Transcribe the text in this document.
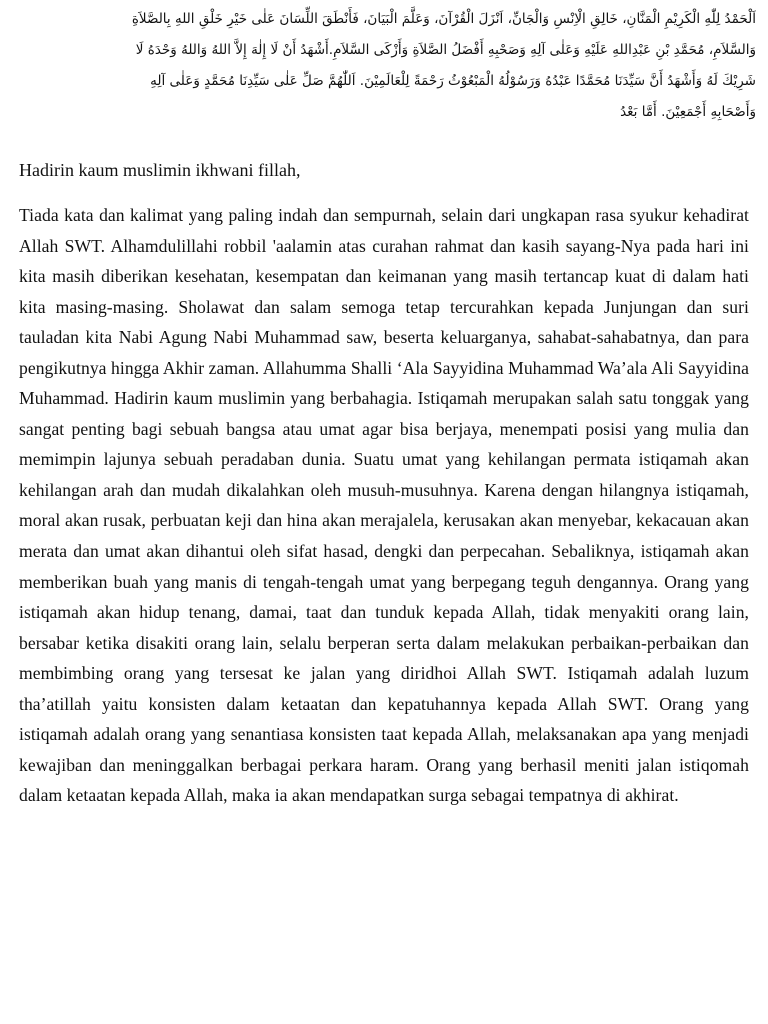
اَلْحَمْدُ لِلّٰهِ الْكَرِيْمِ الْمَنَّانِ، خَالِقِ الْاِنْسِ وَالْجَانِّ، اَنْزَلَ الْقُرْآنَ، وَعَلَّمَ الْبَيَانَ، فَأَنْطَقَ اللِّسَانَ عَلٰى خَيْرِ خَلْقِ اللهِ بِالصَّلاَةِ
وَالسَّلاَمِ، مُحَمَّدِ بْنِ عَبْدِاللهِ عَلَيْهِ وَعَلٰى آلِهِ وَصَحْبِهِ أَفْضَلُ الصَّلاَةِ وَأَزْكَى السَّلاَمِ.أَشْهَدُ أَنْ لَا إِلٰهَ إِلاَّ اللهُ وَاللهُ وَحْدَهُ لَا
شَرِيْكَ لَهُ وَأَشْهَدُ أَنَّ سَيِّدَنَا مُحَمَّدًا عَبْدُهُ وَرَسُوْلُهُ الْمَبْعُوْثُ رَحْمَةً لِلْعَالَمِيْنَ. اَللّٰهُمَّ صَلِّ عَلٰى سَيِّدِنَا مُحَمَّدٍ وَعَلٰى آلِهِ
وَأَصْحَابِهِ أَجْمَعِيْنَ. أَمَّا بَعْدُ

Hadirin kaum muslimin ikhwani fillah,

Tiada kata dan kalimat yang paling indah dan sempurnah, selain dari ungkapan rasa syukur kehadirat Allah SWT. Alhamdulillahi robbil 'aalamin atas curahan rahmat dan kasih sayang-Nya pada hari ini kita masih diberikan kesehatan, kesempatan dan keimanan yang masih tertancap kuat di dalam hati kita masing-masing. Sholawat dan salam semoga tetap tercurahkan kepada Junjungan dan suri tauladan kita Nabi Agung Nabi Muhammad saw, beserta keluarganya, sahabat-sahabatnya, dan para pengikutnya hingga Akhir zaman. Allahumma Shalli ‘Ala Sayyidina Muhammad Wa’ala Ali Sayyidina Muhammad. Hadirin kaum muslimin yang berbahagia. Istiqamah merupakan salah satu tonggak yang sangat penting bagi sebuah bangsa atau umat agar bisa berjaya, menempati posisi yang mulia dan memimpin lajunya sebuah peradaban dunia. Suatu umat yang kehilangan permata istiqamah akan kehilangan arah dan mudah dikalahkan oleh musuh-musuhnya. Karena dengan hilangnya istiqamah, moral akan rusak, perbuatan keji dan hina akan merajalela, kerusakan akan menyebar, kekacauan akan merata dan umat akan dihantui oleh sifat hasad, dengki dan perpecahan. Sebaliknya, istiqamah akan memberikan buah yang manis di tengah-tengah umat yang berpegang teguh dengannya. Orang yang istiqamah akan hidup tenang, damai, taat dan tunduk kepada Allah, tidak menyakiti orang lain, bersabar ketika disakiti orang lain, selalu berperan serta dalam melakukan perbaikan-perbaikan dan membimbing orang yang tersesat ke jalan yang diridhoi Allah SWT. Istiqamah adalah luzum tha’atillah yaitu konsisten dalam ketaatan dan kepatuhannya kepada Allah SWT. Orang yang istiqamah adalah orang yang senantiasa konsisten taat kepada Allah, melaksanakan apa yang menjadi kewajiban dan meninggalkan berbagai perkara haram. Orang yang berhasil meniti jalan istiqomah dalam ketaatan kepada Allah, maka ia akan mendapatkan surga sebagai tempatnya di akhirat.
